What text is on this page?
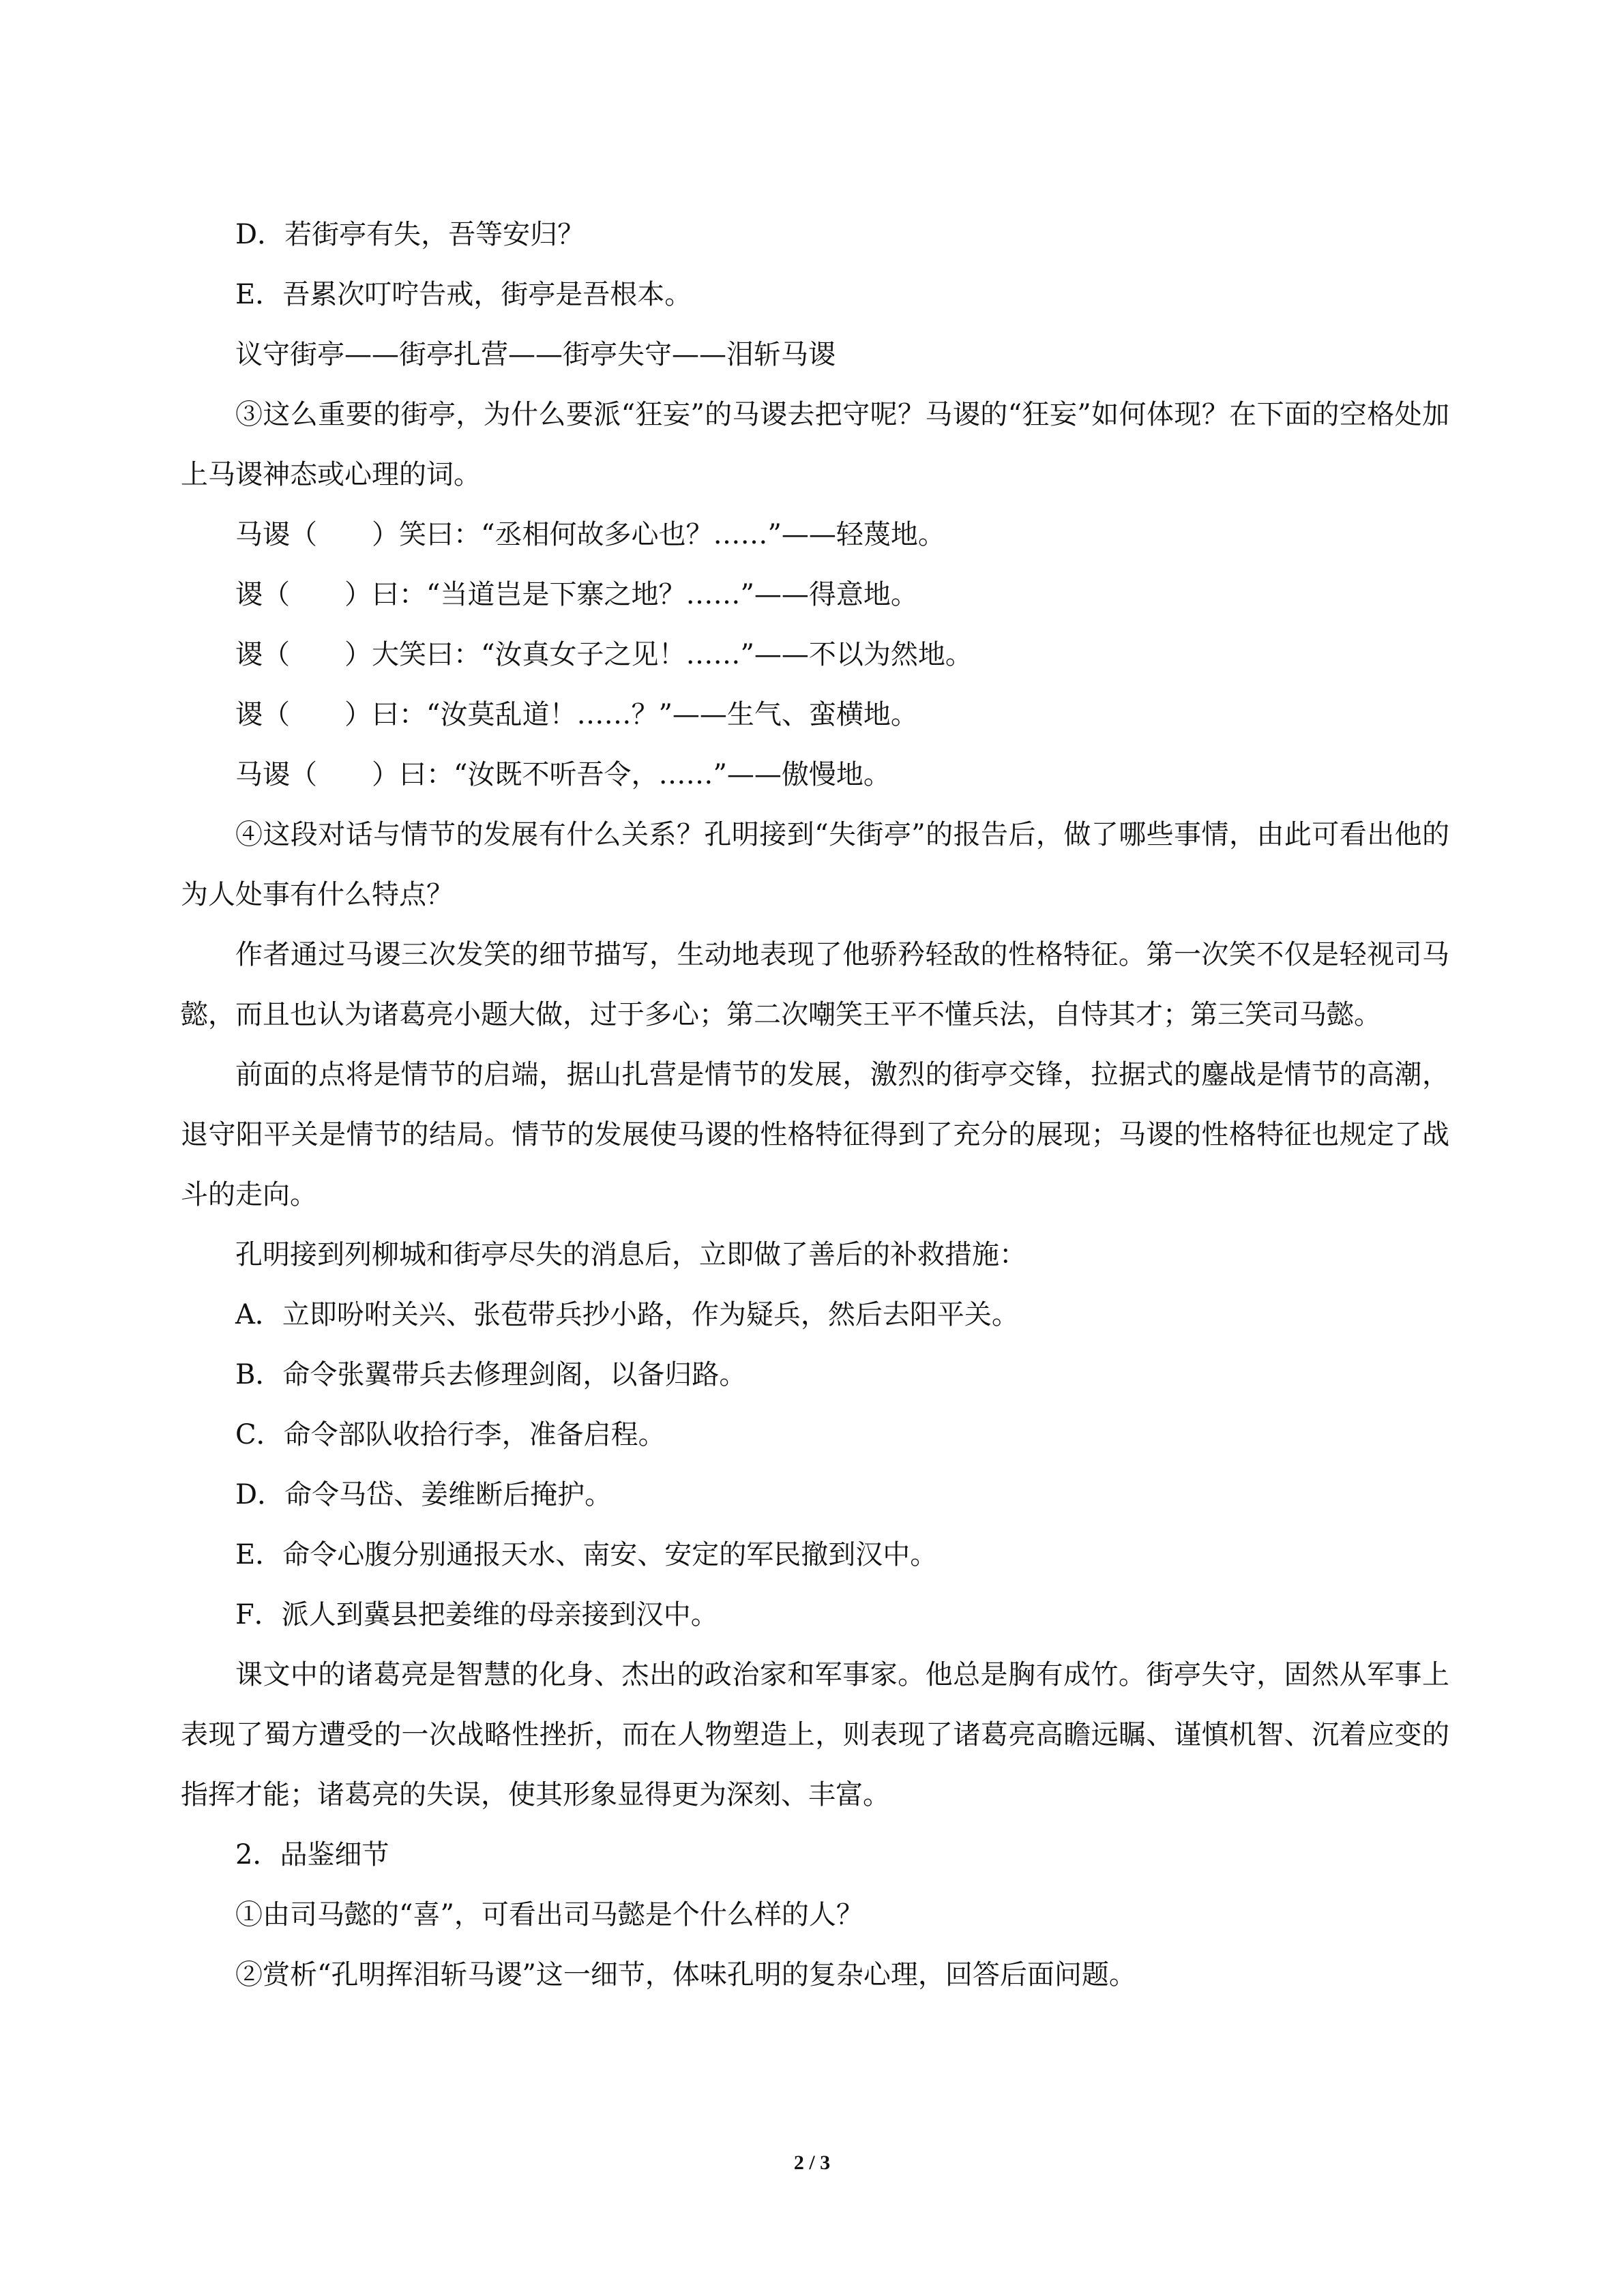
D．若街亭有失，吾等安归？

E．吾累次叮咛告戒，街亭是吾根本。

议守街亭——街亭扎营——街亭失守——泪斩马谡

③这么重要的街亭，为什么要派“狂妄”的马谡去把守呢？马谡的“狂妄”如何体现？在下面的空格处加上马谡神态或心理的词。

马谡（　　）笑曰：“丞相何故多心也？……”——轻蔑地。

谡（　　）曰：“当道岂是下寨之地？……”——得意地。

谡（　　）大笑曰：“汝真女子之见！……”——不以为然地。

谡（　　）曰：“汝莫乱道！……？”——生气、蛮横地。

马谡（　　）曰：“汝既不听吾令，……”——傲慢地。

④这段对话与情节的发展有什么关系？孔明接到“失街亭”的报告后，做了哪些事情，由此可看出他的为人处事有什么特点？

作者通过马谡三次发笑的细节描写，生动地表现了他骄矜轻敌的性格特征。第一次笑不仅是轻视司马懿，而且也认为诸葛亮小题大做，过于多心；第二次嘲笑王平不懂兵法，自恃其才；第三笑司马懿。

前面的点将是情节的启端，据山扎营是情节的发展，激烈的街亭交锋，拉据式的鏖战是情节的高潮，退守阳平关是情节的结局。情节的发展使马谡的性格特征得到了充分的展现；马谡的性格特征也规定了战斗的走向。

孔明接到列柳城和街亭尽失的消息后，立即做了善后的补救措施：

A．立即吩咐关兴、张苞带兵抄小路，作为疑兵，然后去阳平关。

B．命令张翼带兵去修理剑阁，以备归路。

C．命令部队收拾行李，准备启程。

D．命令马岱、姜维断后掩护。

E．命令心腹分别通报天水、南安、安定的军民撤到汉中。

F．派人到冀县把姜维的母亲接到汉中。

课文中的诸葛亮是智慧的化身、杰出的政治家和军事家。他总是胸有成竹。街亭失守，固然从军事上表现了蜀方遭受的一次战略性挫折，而在人物塑造上，则表现了诸葛亮高瞻远瞩、谨慎机智、沉着应变的指挥才能；诸葛亮的失误，使其形象显得更为深刻、丰富。

2．品鉴细节

①由司马懿的“喜”，可看出司马懿是个什么样的人？

②赏析“孔明挥泪斩马谡”这一细节，体味孔明的复杂心理，回答后面问题。

2 / 3
